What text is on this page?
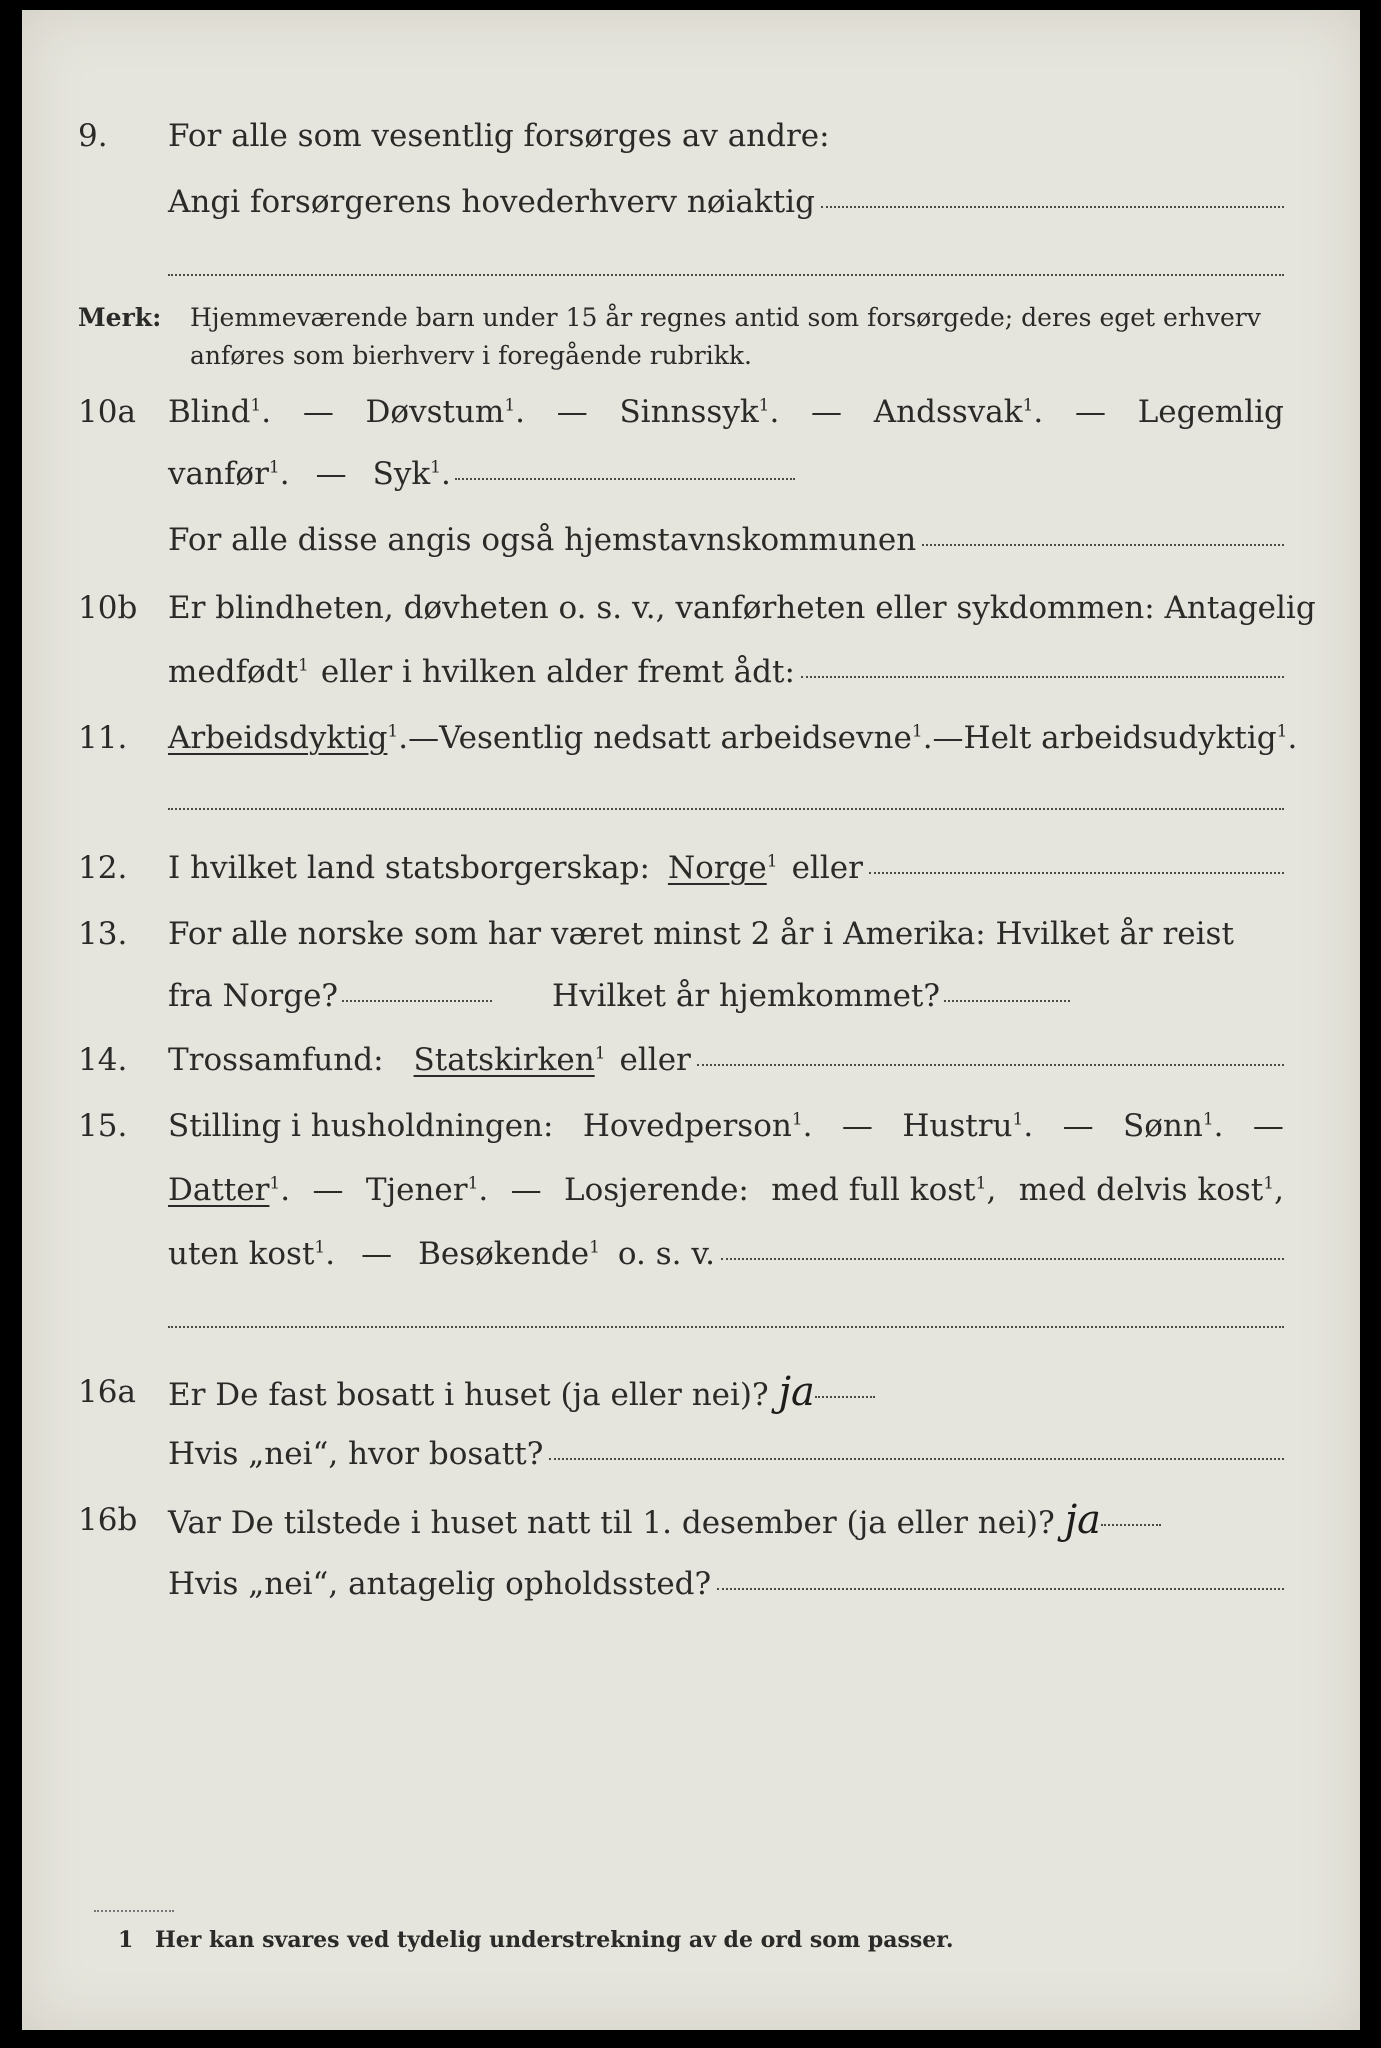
9. For alle som vesentlig forsørges av andre:
Angi forsørgerens hovederhverv nøiaktig
Merk: Hjemmeværende barn under 15 år regnes antid som forsørgede; deres eget erhverv
anføres som bierhverv i foregående rubrikk.
10a Blind$^1$. — Døvstum$^1$. — Sinnssyk$^1$. — Andssvak$^1$. — Legemlig
vanfør$^1$. — Syk$^1$.
For alle disse angis også hjemstavnskommunen
10b Er blindheten, døvheten o. s. v., vanførheten eller sykdommen: Antagelig
medfødt$^1$ eller i hvilken alder fremt ådt:
11. Arbeidsdyktig$^1$. — Vesentlig nedsatt arbeidsevne$^1$. — Helt arbeidsudyktig$^1$.
12. I hvilket land statsborgerskap: Norge$^1$ eller
13. For alle norske som har været minst 2 år i Amerika: Hvilket år reist
fra Norge?	Hvilket år hjemkommet?
14. Trossamfund: Statskirken$^1$ eller
15. Stilling i husholdningen: Hovedperson$^1$. — Hustru$^1$. — Sønn$^1$. —
Datter$^1$. — Tjener$^1$. — Losjerende: med full kost$^1$, med delvis kost$^1$,
uten kost$^1$. — Besøkende$^1$ o. s. v.
16a Er De fast bosatt i huset (ja eller nei)? ja
Hvis „nei“, hvor bosatt?
16b Var De tilstede i huset natt til 1. desember (ja eller nei)? ja
Hvis „nei“, antagelig opholdssted?
1 Her kan svares ved tydelig understrekning av de ord som passer.
